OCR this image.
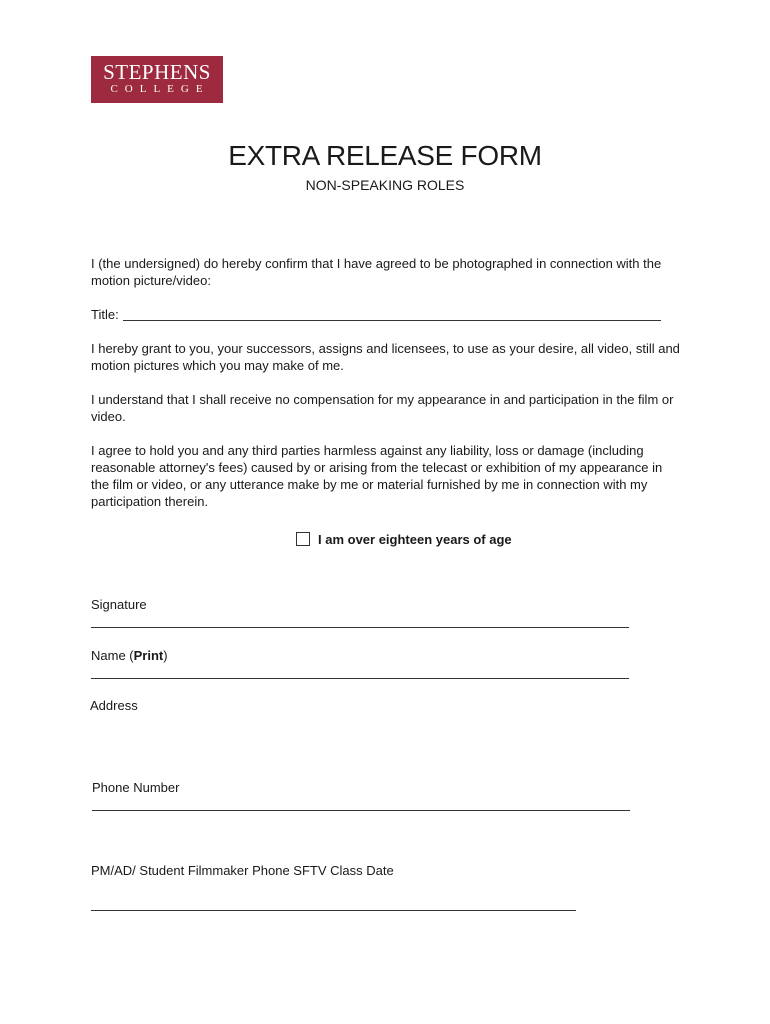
STEPHENS
COLLEGE
EXTRA RELEASE FORM
NON-SPEAKING ROLES
I (the undersigned) do hereby confirm that I have agreed to be photographed in connection with the motion picture/video:
Title:
I hereby grant to you, your successors, assigns and licensees, to use as your desire, all video, still and motion pictures which you may make of me.
I understand that I shall receive no compensation for my appearance in and participation in the film or video.
I agree to hold you and any third parties harmless against any liability, loss or damage (including reasonable attorney's fees) caused by or arising from the telecast or exhibition of my appearance in the film or video, or any utterance make by me or material furnished by me in connection with my participation therein.
I am over eighteen years of age
Signature
Name (Print)
Address
Phone Number
PM/AD/ Student Filmmaker Phone SFTV Class Date
